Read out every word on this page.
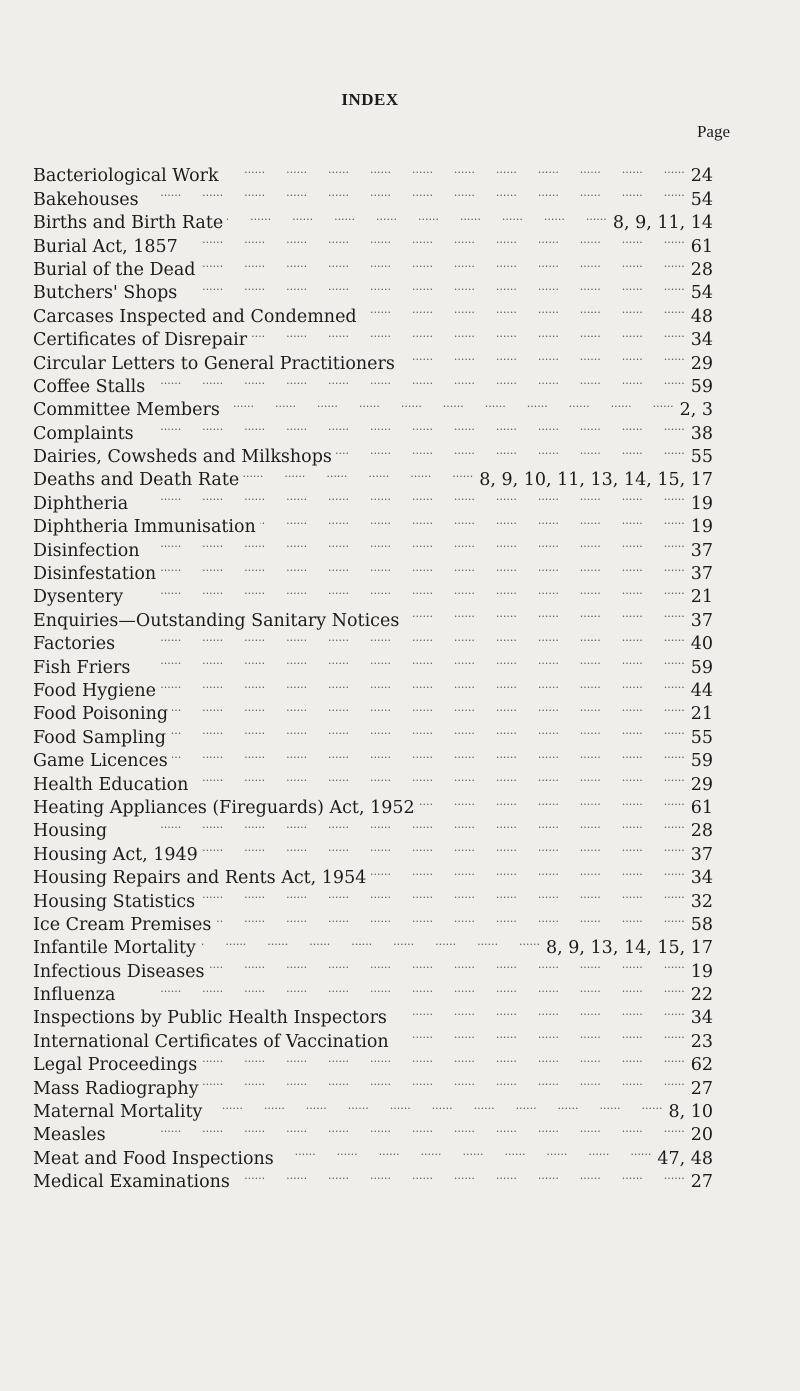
INDEX
Page
Bacteriological Work .....	24
Bakehouses .....	54
Births and Birth Rate .....	8, 9, 11, 14
Burial Act, 1857 .....	61
Burial of the Dead .....	28
Butchers' Shops .....	54
Carcases Inspected and Condemned .....	48
Certificates of Disrepair .....	34
Circular Letters to General Practitioners .....	29
Coffee Stalls .....	59
Committee Members .....	2, 3
Complaints .....	38
Dairies, Cowsheds and Milkshops .....	55
Deaths and Death Rate .....	8, 9, 10, 11, 13, 14, 15, 17
Diphtheria .....	19
Diphtheria Immunisation .....	19
Disinfection .....	37
Disinfestation .....	37
Dysentery .....	21
Enquiries—Outstanding Sanitary Notices .....	37
Factories .....	40
Fish Friers .....	59
Food Hygiene .....	44
Food Poisoning .....	21
Food Sampling .....	55
Game Licences .....	59
Health Education .....	29
Heating Appliances (Fireguards) Act, 1952 .....	61
Housing .....	28
Housing Act, 1949 .....	37
Housing Repairs and Rents Act, 1954 .....	34
Housing Statistics .....	32
Ice Cream Premises .....	58
Infantile Mortality .....	8, 9, 13, 14, 15, 17
Infectious Diseases .....	19
Influenza .....	22
Inspections by Public Health Inspectors .....	34
International Certificates of Vaccination .....	23
Legal Proceedings .....	62
Mass Radiography .....	27
Maternal Mortality .....	8, 10
Measles .....	20
Meat and Food Inspections .....	47, 48
Medical Examinations .....	27
